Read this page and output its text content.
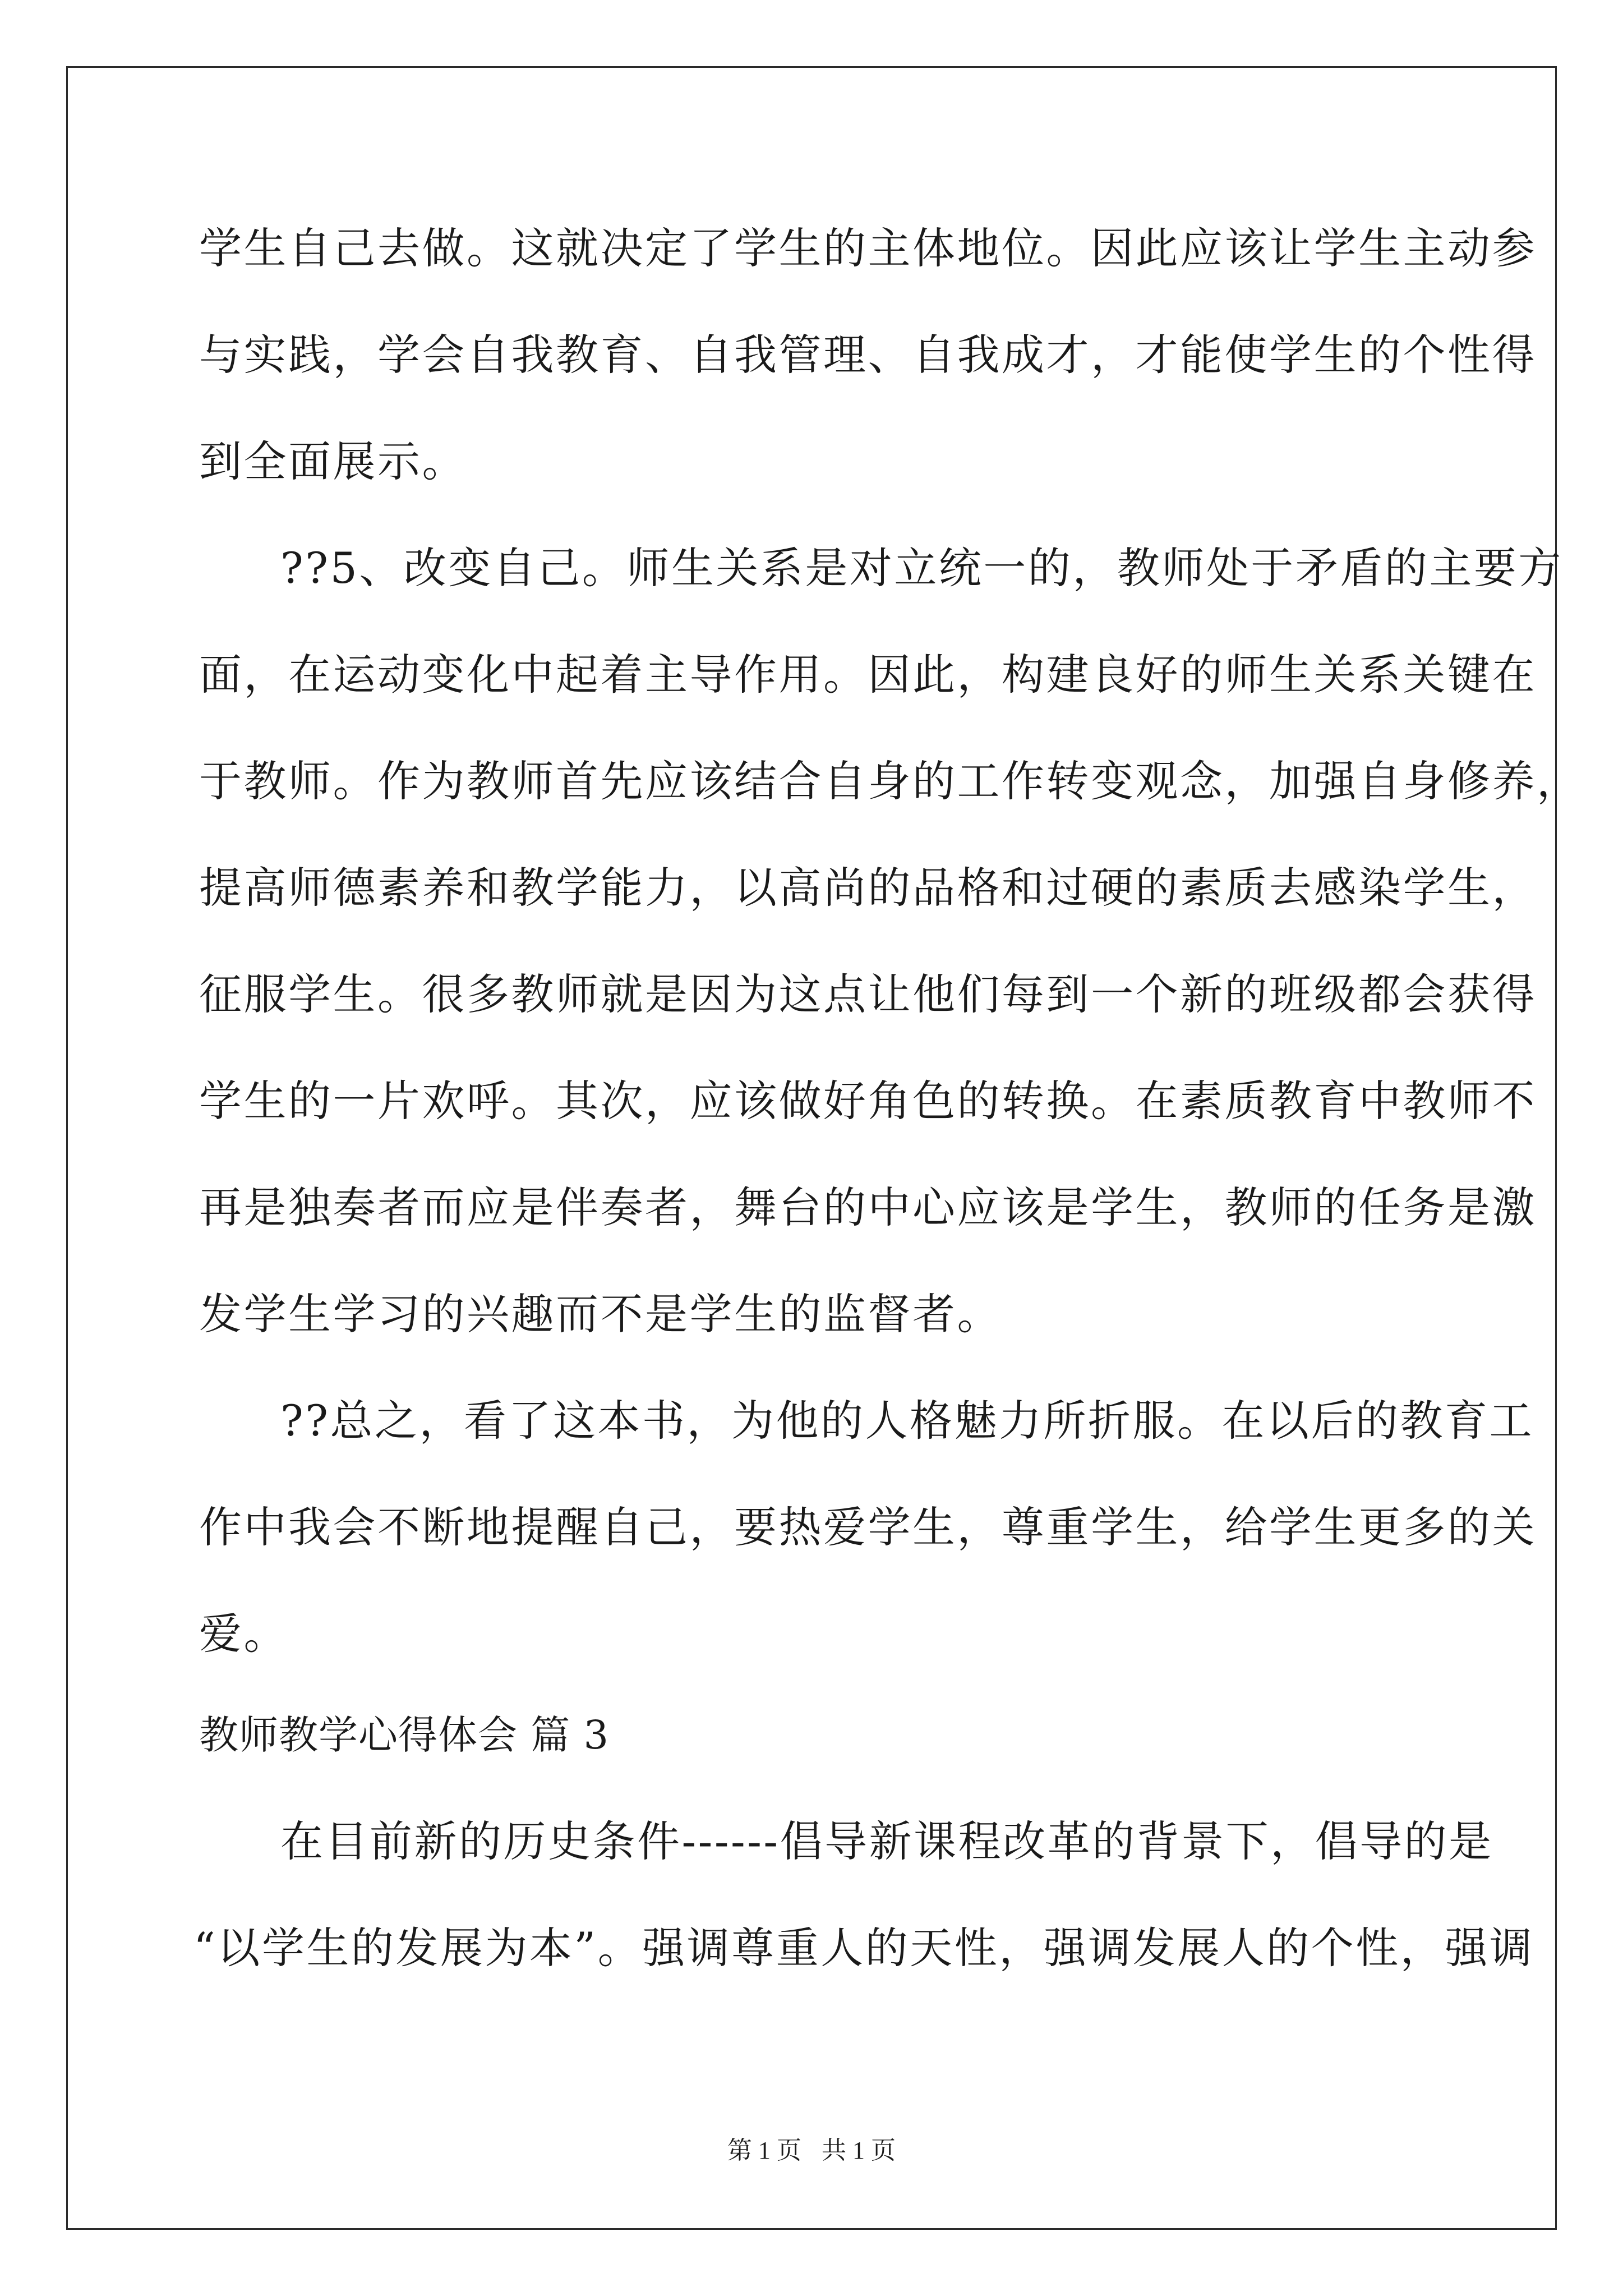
学生自己去做。这就决定了学生的主体地位。因此应该让学生主动参
与实践，学会自我教育、自我管理、自我成才，才能使学生的个性得
到全面展示。
??5、改变自己。师生关系是对立统一的，教师处于矛盾的主要方
面，在运动变化中起着主导作用。因此，构建良好的师生关系关键在
于教师。作为教师首先应该结合自身的工作转变观念，加强自身修养，
提高师德素养和教学能力，以高尚的品格和过硬的素质去感染学生，
征服学生。很多教师就是因为这点让他们每到一个新的班级都会获得
学生的一片欢呼。其次，应该做好角色的转换。在素质教育中教师不
再是独奏者而应是伴奏者，舞台的中心应该是学生，教师的任务是激
发学生学习的兴趣而不是学生的监督者。
??总之，看了这本书，为他的人格魅力所折服。在以后的教育工
作中我会不断地提醒自己，要热爱学生，尊重学生，给学生更多的关
爱。
教师教学心得体会 篇 3
在目前新的历史条件------倡导新课程改革的背景下，倡导的是
“以学生的发展为本”。强调尊重人的天性，强调发展人的个性，强调
第 1 页 共 1 页
